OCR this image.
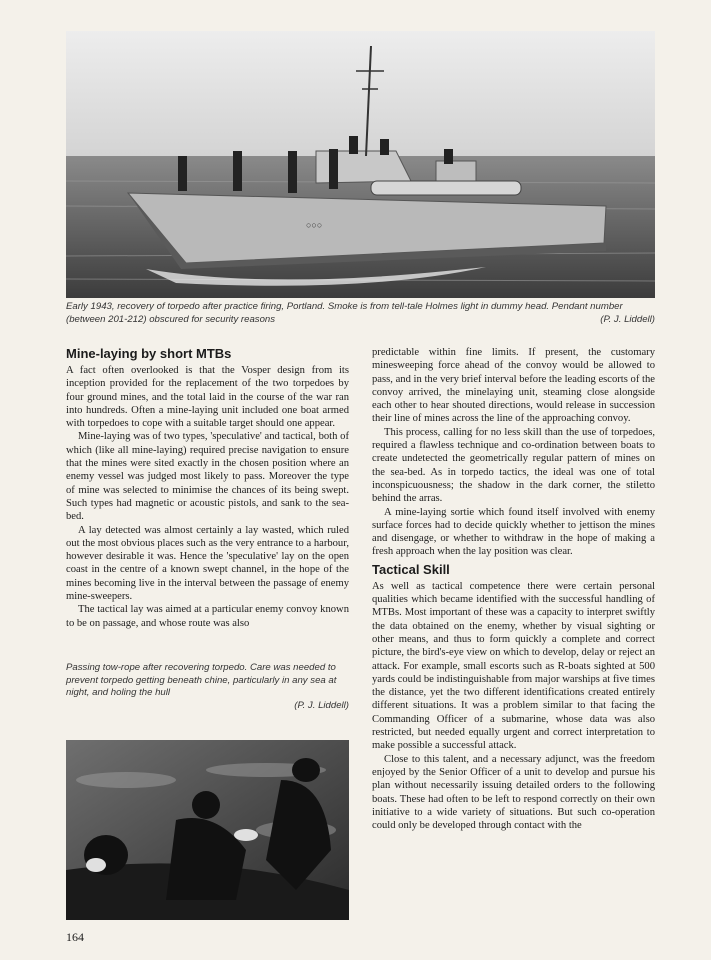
○○○
Early 1943, recovery of torpedo after practice firing, Portland. Smoke is from tell-tale Holmes light in dummy head. Pendant number (between 201-212) obscured for security reasons	(P. J. Liddell)
Mine-laying by short MTBs

A fact often overlooked is that the Vosper design from its inception provided for the replacement of the two torpedoes by four ground mines, and the total laid in the course of the war ran into hundreds. Often a mine-laying unit included one boat armed with torpedoes to cope with a suitable target should one appear.

Mine-laying was of two types, 'speculative' and tactical, both of which (like all mine-laying) required precise navigation to ensure that the mines were sited exactly in the chosen position where an enemy vessel was judged most likely to pass. Moreover the type of mine was selected to minimise the chances of its being swept. Such types had magnetic or acoustic pistols, and sank to the sea-bed.

A lay detected was almost certainly a lay wasted, which ruled out the most obvious places such as the very entrance to a harbour, however desirable it was. Hence the 'speculative' lay on the open coast in the centre of a known swept channel, in the hope of the mines becoming live in the interval between the passage of enemy mine-sweepers.

The tactical lay was aimed at a particular enemy convoy known to be on passage, and whose route was also

Passing tow-rope after recovering torpedo. Care was needed to prevent torpedo getting beneath chine, particularly in any sea at night, and holing the hull
(P. J. Liddell)

predictable within fine limits. If present, the customary minesweeping force ahead of the convoy would be allowed to pass, and in the very brief interval before the leading escorts of the convoy arrived, the minelaying unit, steaming close alongside each other to hear shouted directions, would release in succession their line of mines across the line of the approaching convoy.

This process, calling for no less skill than the use of torpedoes, required a flawless technique and co-ordination between boats to create undetected the geometrically regular pattern of mines on the sea-bed. As in torpedo tactics, the ideal was one of total inconspicuousness; the shadow in the dark corner, the stiletto behind the arras.

A mine-laying sortie which found itself involved with enemy surface forces had to decide quickly whether to jettison the mines and disengage, or whether to withdraw in the hope of making a fresh approach when the lay position was clear.

Tactical Skill

As well as tactical competence there were certain personal qualities which became identified with the successful handling of MTBs. Most important of these was a capacity to interpret swiftly the data obtained on the enemy, whether by visual sighting or other means, and thus to form quickly a complete and correct picture, the bird's-eye view on which to develop, delay or reject an attack. For example, small escorts such as R-boats sighted at 500 yards could be indistinguishable from major warships at five times the distance, yet the two different identifications created entirely different situations. It was a problem similar to that facing the Commanding Officer of a submarine, whose data was also restricted, but needed equally urgent and correct interpretation to make possible a successful attack.

Close to this talent, and a necessary adjunct, was the freedom enjoyed by the Senior Officer of a unit to develop and pursue his plan without necessarily issuing detailed orders to the following boats. These had often to be left to respond correctly on their own initiative to a wide variety of situations. But such co-operation could only be developed through contact with the

164
